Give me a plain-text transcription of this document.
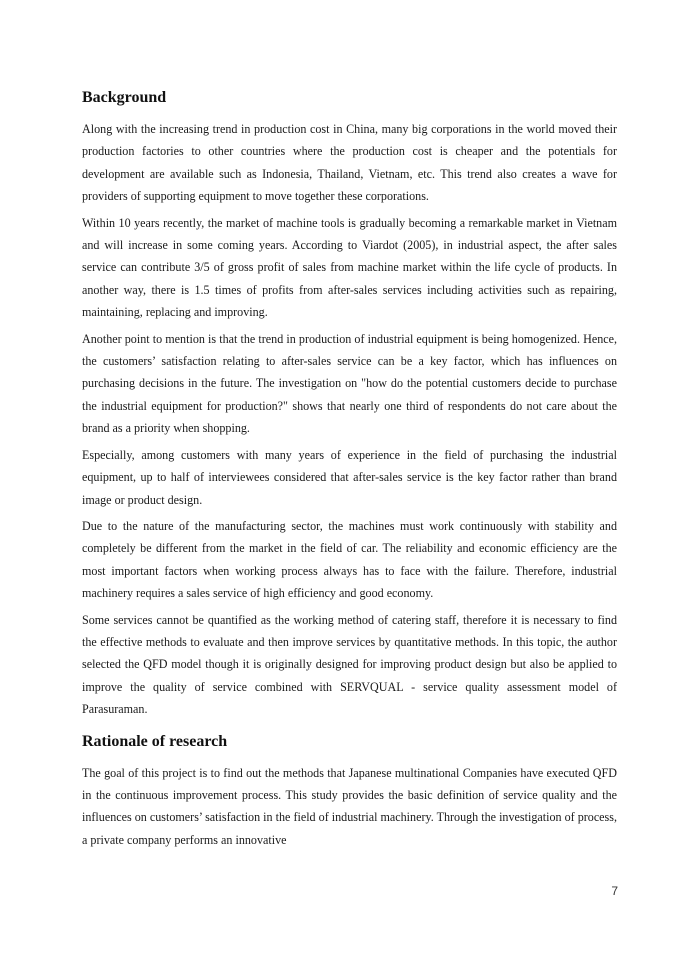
Background

Along with the increasing trend in production cost in China, many big corporations in the world moved their production factories to other countries where the production cost is cheaper and the potentials for development are available such as Indonesia, Thailand, Vietnam, etc. This trend also creates a wave for providers of supporting equipment to move together these corporations.

Within 10 years recently, the market of machine tools is gradually becoming a remarkable market in Vietnam and will increase in some coming years. According to Viardot (2005), in industrial aspect, the after sales service can contribute 3/5 of gross profit of sales from machine market within the life cycle of products. In another way, there is 1.5 times of profits from after-sales services including activities such as repairing, maintaining, replacing and improving.

Another point to mention is that the trend in production of industrial equipment is being homogenized. Hence, the customers’ satisfaction relating to after-sales service can be a key factor, which has influences on purchasing decisions in the future. The investigation on "how do the potential customers decide to purchase the industrial equipment for production?" shows that nearly one third of respondents do not care about the brand as a priority when shopping.

Especially, among customers with many years of experience in the field of purchasing the industrial equipment, up to half of interviewees considered that after-sales service is the key factor rather than brand image or product design.

Due to the nature of the manufacturing sector, the machines must work continuously with stability and completely be different from the market in the field of car. The reliability and economic efficiency are the most important factors when working process always has to face with the failure. Therefore, industrial machinery requires a sales service of high efficiency and good economy.

Some services cannot be quantified as the working method of catering staff, therefore it is necessary to find the effective methods to evaluate and then improve services by quantitative methods. In this topic, the author selected the QFD model though it is originally designed for improving product design but also be applied to improve the quality of service combined with SERVQUAL - service quality assessment model of Parasuraman.

Rationale of research

The goal of this project is to find out the methods that Japanese multinational Companies have executed QFD in the continuous improvement process. This study provides the basic definition of service quality and the influences on customers’ satisfaction in the field of industrial machinery. Through the investigation of process, a private company performs an innovative

7
